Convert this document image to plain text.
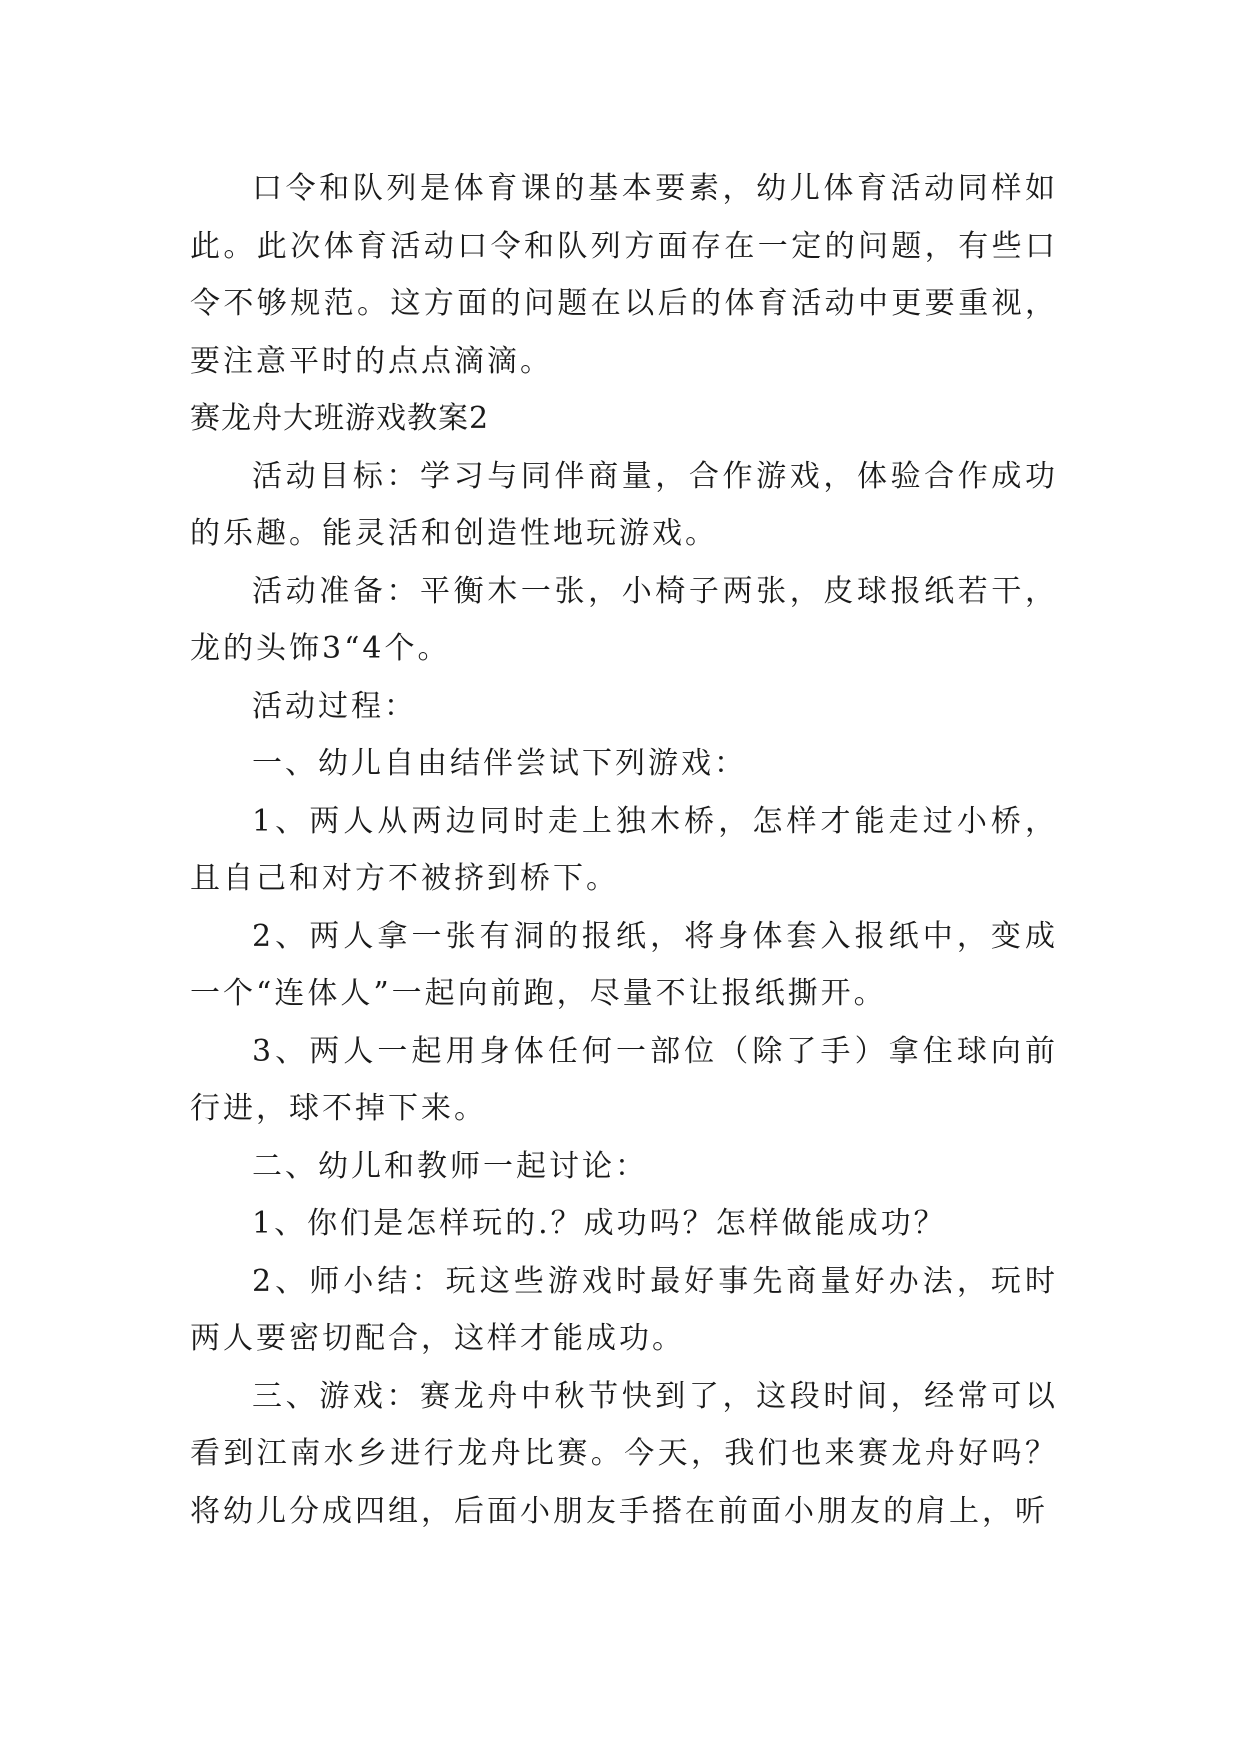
口令和队列是体育课的基本要素，幼儿体育活动同样如此。此次体育活动口令和队列方面存在一定的问题，有些口令不够规范。这方面的问题在以后的体育活动中更要重视，要注意平时的点点滴滴。

赛龙舟大班游戏教案2

活动目标：学习与同伴商量，合作游戏，体验合作成功的乐趣。能灵活和创造性地玩游戏。

活动准备：平衡木一张，小椅子两张，皮球报纸若干，龙的头饰3“4个。

活动过程：

一、幼儿自由结伴尝试下列游戏：

1、两人从两边同时走上独木桥，怎样才能走过小桥，且自己和对方不被挤到桥下。

2、两人拿一张有洞的报纸，将身体套入报纸中，变成一个“连体人”一起向前跑，尽量不让报纸撕开。

3、两人一起用身体任何一部位（除了手）拿住球向前行进，球不掉下来。

二、幼儿和教师一起讨论：

1、你们是怎样玩的.？成功吗？怎样做能成功？

2、师小结：玩这些游戏时最好事先商量好办法，玩时两人要密切配合，这样才能成功。

三、游戏：赛龙舟中秋节快到了，这段时间，经常可以看到江南水乡进行龙舟比赛。今天，我们也来赛龙舟好吗？将幼儿分成四组，后面小朋友手搭在前面小朋友的肩上，听
